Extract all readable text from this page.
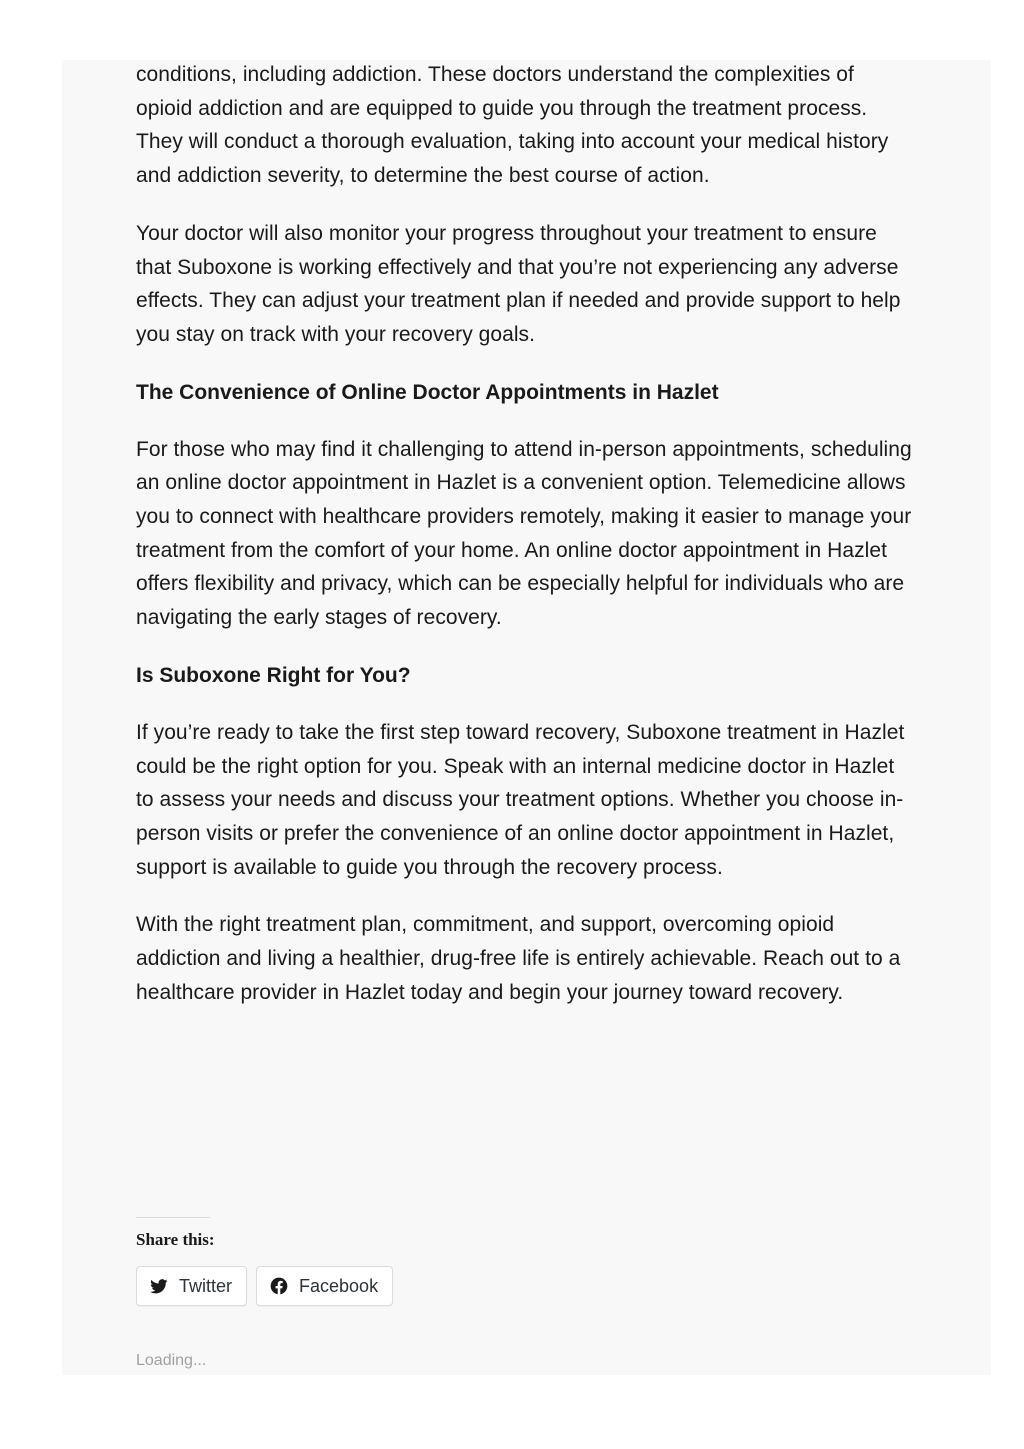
conditions, including addiction. These doctors understand the complexities of opioid addiction and are equipped to guide you through the treatment process. They will conduct a thorough evaluation, taking into account your medical history and addiction severity, to determine the best course of action.

Your doctor will also monitor your progress throughout your treatment to ensure that Suboxone is working effectively and that you’re not experiencing any adverse effects. They can adjust your treatment plan if needed and provide support to help you stay on track with your recovery goals.

The Convenience of Online Doctor Appointments in Hazlet

For those who may find it challenging to attend in-person appointments, scheduling an online doctor appointment in Hazlet is a convenient option. Telemedicine allows you to connect with healthcare providers remotely, making it easier to manage your treatment from the comfort of your home. An online doctor appointment in Hazlet offers flexibility and privacy, which can be especially helpful for individuals who are navigating the early stages of recovery.

Is Suboxone Right for You?

If you’re ready to take the first step toward recovery, Suboxone treatment in Hazlet could be the right option for you. Speak with an internal medicine doctor in Hazlet to assess your needs and discuss your treatment options. Whether you choose in-person visits or prefer the convenience of an online doctor appointment in Hazlet, support is available to guide you through the recovery process.

With the right treatment plan, commitment, and support, overcoming opioid addiction and living a healthier, drug-free life is entirely achievable. Reach out to a healthcare provider in Hazlet today and begin your journey toward recovery.

Share this:
Twitter	Facebook
Loading...
